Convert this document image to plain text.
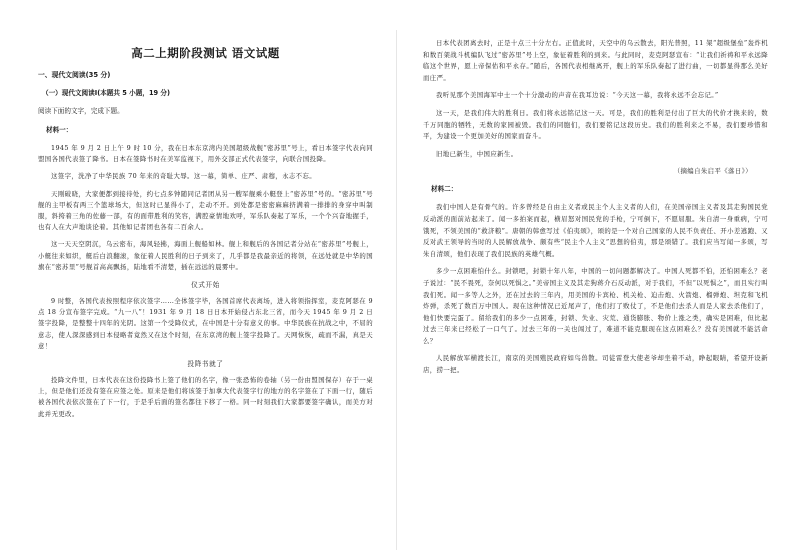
高二上期阶段测试 语文试题
一、现代文阅读(35 分)
（一）现代文阅读Ⅰ(本题共 5 小题，19 分)
阅读下面的文字，完成下题。
材料一：
1945 年 9 月 2 日上午 9 时 10 分，我在日本东京湾内美国超级战舰“密苏里”号上，看日本签字代表向同盟国各国代表签了降书。日本在签降书时在美军监视下，用外交部正式代表签字，向联合国投降。
这签字，洗净了中华民族 70 年来的奇耻大辱。这一幕，简单、庄严、肃穆，永志不忘。
天刚破晓，大家便都到接待处，约七点多钟随同记者团从另一艘军舰乘小艇登上“密苏里”号的。“密苏里”号舰的主甲板有两三个篮球场大，但这时已显得小了，走动不开。到处都是密密麻麻挤满着一排排的身穿中叫制服，斜挎着三角的佐藤一部，有的面带胜利的笑容，满腔豪情地欢呼，军乐队奏起了军乐，一个个兴奋地握手，也有人在大声地谈论着。其他如记者团也各有二百余人。
这一天天空阴沉，乌云密布，海风轻拂，海面上舰船如林。舰上和舰后的各国记者分站在“密苏里”号舰上，小艇往来如织，艇后白浪翻滚，象征着人民胜利的日子到来了，几乎都是我最亲近的将领，在远处就是中华的国旗在“密苏里”号舰首高高飘扬，陆地看不清楚，插在远远的晨雾中。
仪式开始
9 时整，各国代表按照程序依次签字……全体签字毕，各国首席代表离场，进入将领指挥室，麦克阿瑟在 9 点 18 分宣布签字完成。“九一八”！1931 年 9 月 18 日日本开始侵占东北三省，而今天 1945 年 9 月 2 日签字投降，是整整十四年的光阴。这第一个受降仪式，在中国是十分有意义的事。中华民族在抗战之中，不屈的意志，使人深深感到日本侵略者竟然又在这个时刻，在东京湾的舰上签字投降了。天网恢恢，疏而不漏，真是天意！
投降书就了
投降文件里，日本代表在这份投降书上签了他们的名字，像一张恐怖的卷轴（另一份由盟国保存）存于一桌上，但是他们还没有签在应签之处。原来是他们将该签于加拿大代表签字行的地方的名字签在了下面一行，随后被各国代表依次签在了下一行，于是乎后面的签名都往下移了一格。同一时刻我们大家都要签字确认，而美方对此并无更改。
日本代表团离去时，正是十点三十分左右。正值此时，天空中的乌云散去，阳光普照，11 架“超级堡垒”轰炸机和数百架战斗机编队飞过“密苏里”号上空，象征着胜利的到来。与此同时，麦克阿瑟宣布：“让我们祈祷和平永远降临这个世界，愿上帝保佑和平永存。”随后，各国代表相继离开，舰上的军乐队奏起了进行曲，一切都显得那么美好而庄严。
我听见那个美国海军中士一个十分激动的声音在我耳边说：“今天这一幕，我将永远不会忘记。”
这一天，是我们伟大的胜利日。我们将永远铭记这一天。可是，我们的胜利是付出了巨大的代价才换来的，数千万同胞的牺牲，无数的家园被毁。我们的同胞们，我们要铭记这段历史。我们的胜利来之不易，我们要珍惜和平，为建设一个更加美好的国家而奋斗。
旧地已新生，中国应新生。
（摘编自朱启平《落日》）
材料二：
我们中国人是有骨气的。许多曾经是自由主义者或民主个人主义者的人们，在美国帝国主义者及其走狗国民党反动派的面前站起来了。闻一多拍案而起，横眉怒对国民党的手枪，宁可倒下，不愿屈服。朱自清一身重病，宁可饿死，不领美国的“救济粮”。唐朝的韩愈写过《伯夷颂》，颂的是一个对自己国家的人民不负责任、开小差逃跑、又反对武王领导的当时的人民解放战争、颇有些“民主个人主义”思想的伯夷，那是颂错了。我们应当写闻一多颂，写朱自清颂，他们表现了我们民族的英雄气概。
多少一点困难怕什么。封锁吧，封锁十年八年，中国的一切问题都解决了。中国人死都不怕，还怕困难么？老子说过：“民不畏死，奈何以死惧之。”美帝国主义及其走狗蒋介石反动派，对于我们，不但“以死惧之”，而且实行叫我们死。闻一多等人之外，还在过去的三年内，用美国的卡宾枪、机关枪、迫击炮、火箭炮、榴弹炮、坦克和飞机炸弹，杀死了数百万中国人。现在这种情况已近尾声了，他们打了败仗了，不是他们去杀人而是人家去杀他们了，他们快要完蛋了。留给我们的多少一点困难，封锁、失业、灾荒、通货膨胀、物价上涨之类，确实是困难，但比起过去三年来已经松了一口气了。过去三年的一关也闯过了，难道不能克服现在这点困难么？没有美国就不能活命么？
人民解放军横渡长江，南京的美国殖民政府如鸟兽散。司徒雷登大使老爷却坐着不动，睁起眼睛，希望开设新店，捞一把。
